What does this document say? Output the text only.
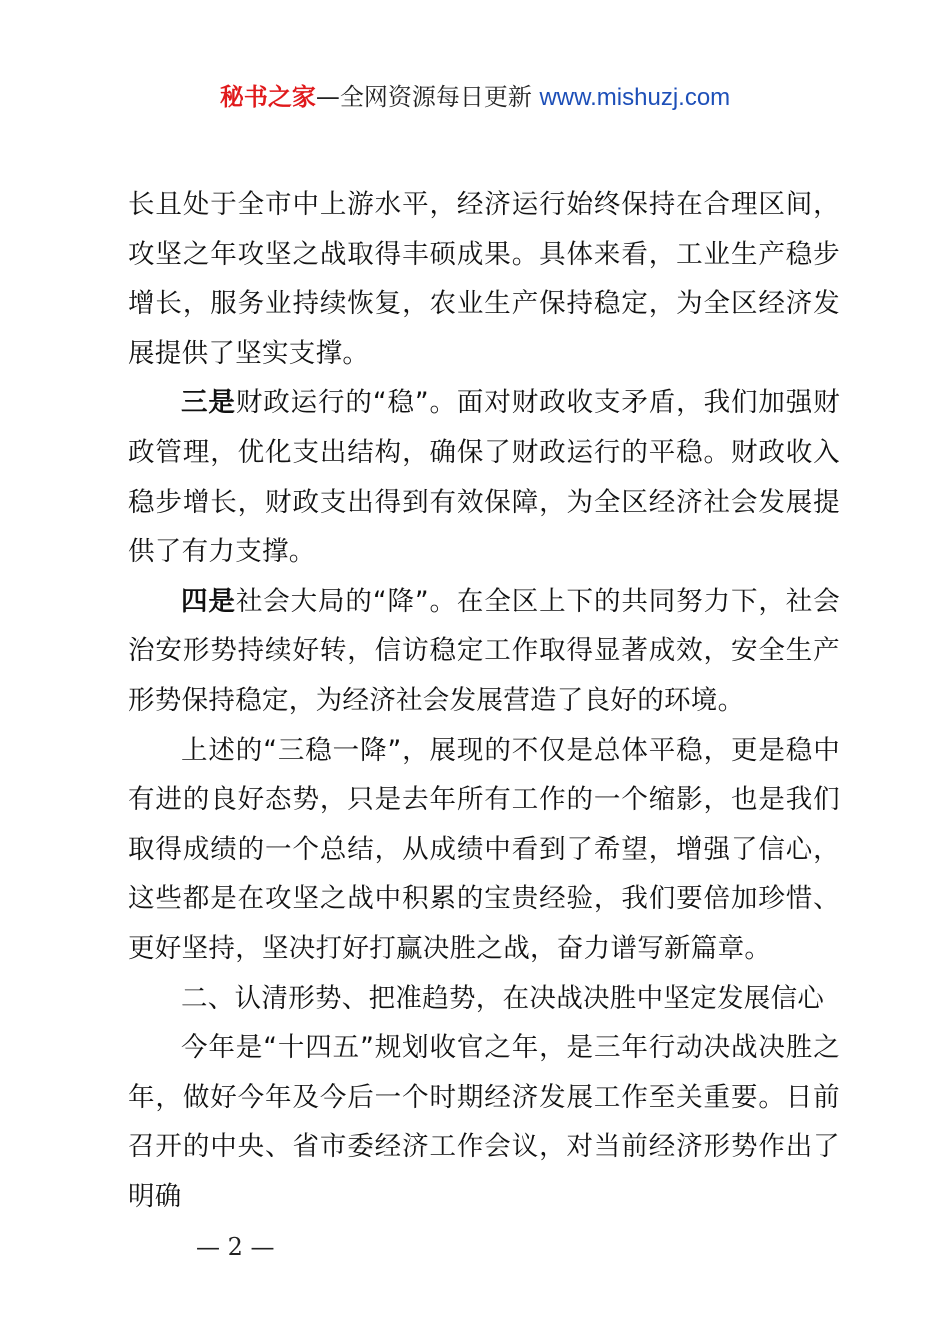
秘书之家—全网资源每日更新 www.mishuzj.com

长且处于全市中上游水平，经济运行始终保持在合理区间，攻坚之年攻坚之战取得丰硕成果。具体来看，工业生产稳步增长，服务业持续恢复，农业生产保持稳定，为全区经济发展提供了坚实支撑。

三是财政运行的“稳”。面对财政收支矛盾，我们加强财政管理，优化支出结构，确保了财政运行的平稳。财政收入稳步增长，财政支出得到有效保障，为全区经济社会发展提供了有力支撑。

四是社会大局的“降”。在全区上下的共同努力下，社会治安形势持续好转，信访稳定工作取得显著成效，安全生产形势保持稳定，为经济社会发展营造了良好的环境。

上述的“三稳一降”，展现的不仅是总体平稳，更是稳中有进的良好态势，只是去年所有工作的一个缩影，也是我们取得成绩的一个总结，从成绩中看到了希望，增强了信心，这些都是在攻坚之战中积累的宝贵经验，我们要倍加珍惜、更好坚持，坚决打好打赢决胜之战，奋力谱写新篇章。

二、认清形势、把准趋势，在决战决胜中坚定发展信心

今年是“十四五”规划收官之年，是三年行动决战决胜之年，做好今年及今后一个时期经济发展工作至关重要。日前召开的中央、省市委经济工作会议，对当前经济形势作出了明确

— 2 —
